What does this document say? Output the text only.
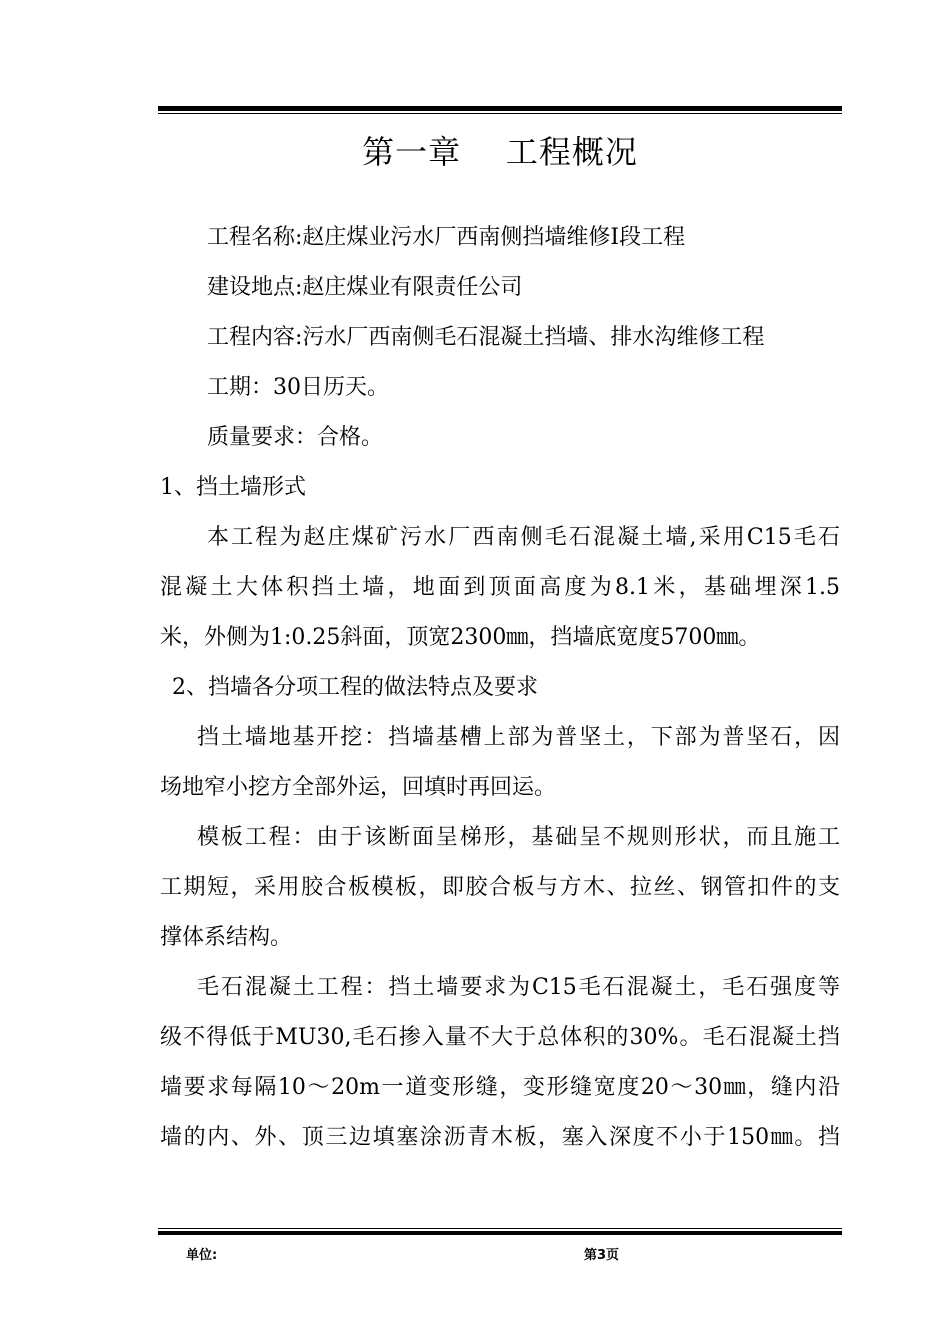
第一章    工程概况
工程名称:赵庄煤业污水厂西南侧挡墙维修Ⅰ段工程
建设地点:赵庄煤业有限责任公司
工程内容:污水厂西南侧毛石混凝土挡墙、排水沟维修工程
工期：30日历天。
质量要求：合格。
1、挡土墙形式
本工程为赵庄煤矿污水厂西南侧毛石混凝土墙,采用C15毛石
混凝土大体积挡土墙，地面到顶面高度为8.1米，基础埋深1.5
米，外侧为1:0.25斜面，顶宽2300㎜，挡墙底宽度5700㎜。
2、挡墙各分项工程的做法特点及要求
挡土墙地基开挖：挡墙基槽上部为普坚土，下部为普坚石，因
场地窄小挖方全部外运，回填时再回运。
模板工程：由于该断面呈梯形，基础呈不规则形状，而且施工
工期短，采用胶合板模板，即胶合板与方木、拉丝、钢管扣件的支
撑体系结构。
毛石混凝土工程：挡土墙要求为C15毛石混凝土，毛石强度等
级不得低于MU30,毛石掺入量不大于总体积的30%。毛石混凝土挡
墙要求每隔10～20m一道变形缝，变形缝宽度20～30㎜，缝内沿
墙的内、外、顶三边填塞涂沥青木板，塞入深度不小于150㎜。挡
单位:	第3页
